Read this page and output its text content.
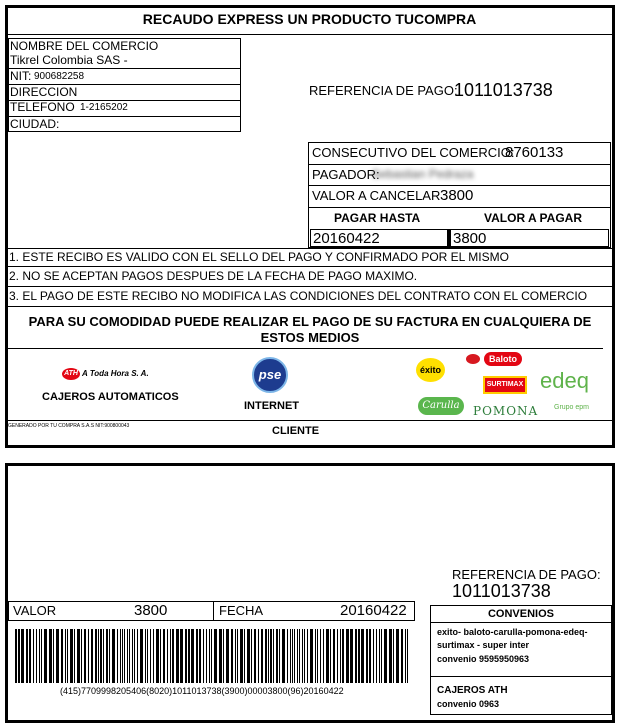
RECAUDO EXPRESS UN PRODUCTO TUCOMPRA
NOMBRE DEL COMERCIO
Tikrel Colombia SAS -
NIT: 900682258
DIRECCION
TELEFONO 1-2165202
CIUDAD:
REFERENCIA DE PAGO:
1011013738
CONSECUTIVO DEL COMERCIO:
8760133
PAGADOR:
Sebastian Pedraza
VALOR A CANCELAR 3800
PAGAR HASTA	VALOR A PAGAR
20160422	3800
1. ESTE RECIBO ES VALIDO CON EL SELLO DEL PAGO Y CONFIRMADO POR EL MISMO
2. NO SE ACEPTAN PAGOS DESPUES DE LA FECHA DE PAGO MAXIMO.
3. EL PAGO DE ESTE RECIBO NO MODIFICA LAS CONDICIONES DEL CONTRATO CON EL COMERCIO
PARA SU COMODIDAD PUEDE REALIZAR EL PAGO DE SU FACTURA EN CUALQUIERA DE ESTOS MEDIOS
ATH A Toda Hora S. A.
CAJEROS AUTOMATICOS
pse
INTERNET
éxito
Carulla
Baloto
SURTIMAX
POMONA
edeq
Grupo epm
GENERADO POR TU COMPRA S.A.S NIT:900800043	CLIENTE
REFERENCIA DE PAGO:
1011013738
VALOR	3800	FECHA	20160422
(415)7709998205406(8020)1011013738(3900)00003800(96)20160422
CONVENIOS
exito- baloto-carulla-pomona-edeq-
surtimax - super inter
convenio 9595950963
CAJEROS ATH
convenio 0963
